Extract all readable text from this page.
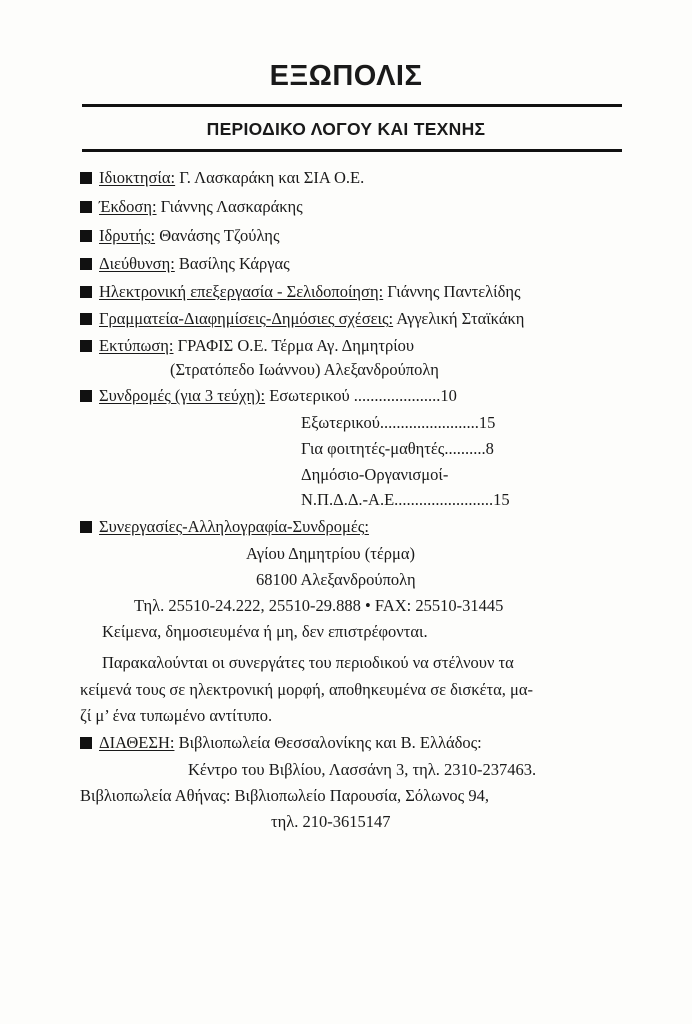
ΕΞΩΠΟΛΙΣ
ΠΕΡΙΟΔΙΚΟ ΛΟΓΟΥ ΚΑΙ ΤΕΧΝΗΣ
Ιδιοκτησία: Γ. Λασκαράκη και ΣΙΑ Ο.Ε.
Έκδοση: Γιάννης Λασκαράκης
Ιδρυτής: Θανάσης Τζούλης
Διεύθυνση: Βασίλης Κάργας
Ηλεκτρονική επεξεργασία - Σελιδοποίηση: Γιάννης Παντελίδης
Γραμματεία-Διαφημίσεις-Δημόσιες σχέσεις: Αγγελική Σταϊκάκη
Εκτύπωση: ΓΡΑΦΙΣ Ο.Ε. Τέρμα Αγ. Δημητρίου
(Στρατόπεδο Ιωάννου) Αλεξανδρούπολη
Συνδρομές (για 3 τεύχη): Εσωτερικού .....................10
Εξωτερικού........................15
Για φοιτητές-μαθητές..........8
Δημόσιο-Οργανισμοί-
Ν.Π.Δ.Δ.-Α.Ε........................15
Συνεργασίες-Αλληλογραφία-Συνδρομές:
Αγίου Δημητρίου (τέρμα)
68100 Αλεξανδρούπολη
Τηλ. 25510-24.222, 25510-29.888 • FAX: 25510-31445
Κείμενα, δημοσιευμένα ή μη, δεν επιστρέφονται.
Παρακαλούνται οι συνεργάτες του περιοδικού να στέλνουν τα
κείμενά τους σε ηλεκτρονική μορφή, αποθηκευμένα σε δισκέτα, μα-
ζί μ’ ένα τυπωμένο αντίτυπο.
ΔΙΑΘΕΣΗ: Βιβλιοπωλεία Θεσσαλονίκης και Β. Ελλάδος:
Κέντρο του Βιβλίου, Λασσάνη 3, τηλ. 2310-237463.
Βιβλιοπωλεία Αθήνας: Βιβλιοπωλείο Παρουσία, Σόλωνος 94,
τηλ. 210-3615147
